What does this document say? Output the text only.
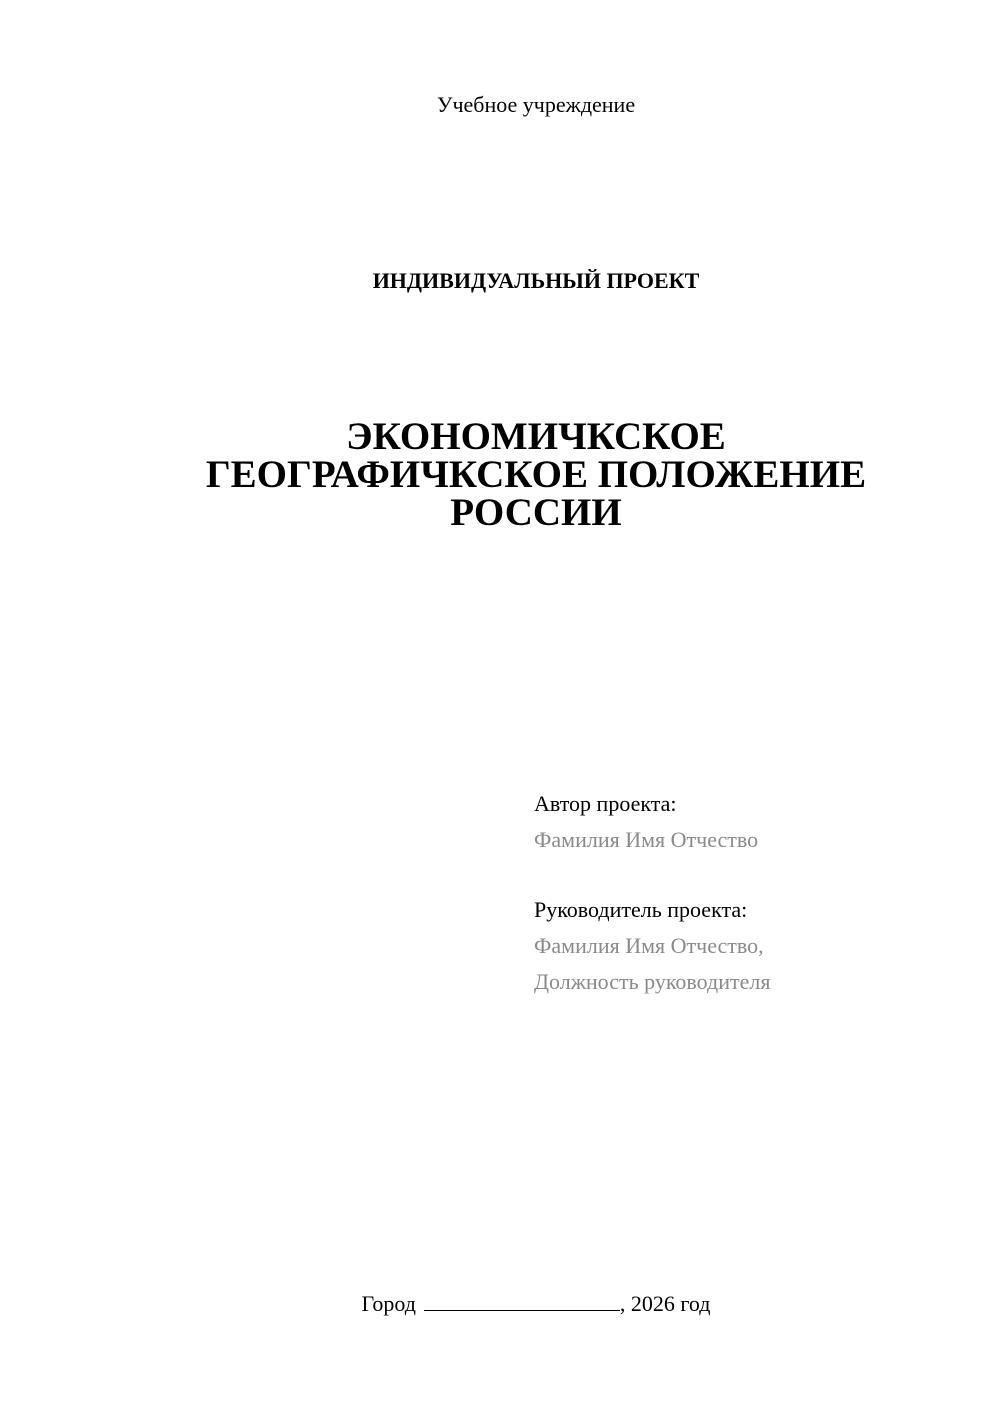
Учебное учреждение
ИНДИВИДУАЛЬНЫЙ ПРОЕКТ
ЭКОНОМИЧКСКОЕ
ГЕОГРАФИЧКСКОЕ ПОЛОЖЕНИЕ
РОССИИ
Автор проекта:
Фамилия Имя Отчество
Руководитель проекта:
Фамилия Имя Отчество,
Должность руководителя
Город	, 2026 год
